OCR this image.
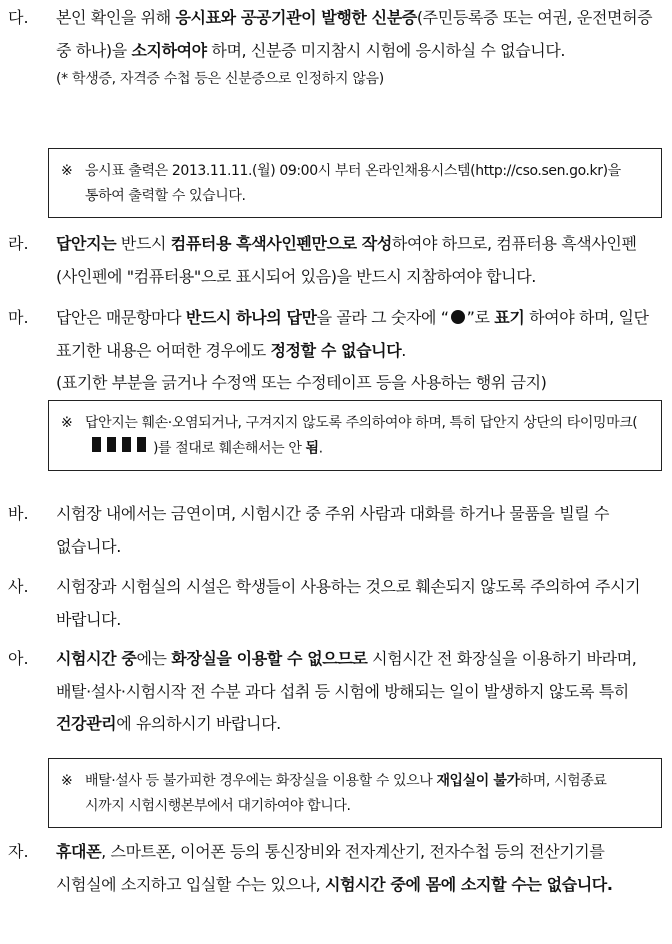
다.	본인 확인을 위해 응시표와 공공기관이 발행한 신분증(주민등록증 또는 여권, 운전면허증 중 하나)을 소지하여야 하며, 신분증 미지참시 시험에 응시하실 수 없습니다.
(* 학생증, 자격증 수첩 등은 신분증으로 인정하지 않음)
※ 응시표 출력은 2013.11.11.(월) 09:00시 부터 온라인채용시스템(http://cso.sen.go.kr)을 통하여 출력할 수 있습니다.
라.	답안지는 반드시 컴퓨터용 흑색사인펜만으로 작성하여야 하므로, 컴퓨터용 흑색사인펜(사인펜에 "컴퓨터용"으로 표시되어 있음)을 반드시 지참하여야 합니다.
마.	답안은 매문항마다 반드시 하나의 답만을 골라 그 숫자에 “ ”로 표기 하여야 하며, 일단 표기한 내용은 어떠한 경우에도 정정할 수 없습니다.
(표기한 부분을 긁거나 수정액 또는 수정테이프 등을 사용하는 행위 금지)
※ 답안지는 훼손·오염되거나, 구겨지지 않도록 주의하여야 하며, 특히 답안지 상단의 타이밍마크()를 절대로 훼손해서는 안 됨.
바.	시험장 내에서는 금연이며, 시험시간 중 주위 사람과 대화를 하거나 물품을 빌릴 수 없습니다.
사.	시험장과 시험실의 시설은 학생들이 사용하는 것으로 훼손되지 않도록 주의하여 주시기 바랍니다.
아.	시험시간 중에는 화장실을 이용할 수 없으므로 시험시간 전 화장실을 이용하기 바라며, 배탈·설사·시험시작 전 수분 과다 섭취 등 시험에 방해되는 일이 발생하지 않도록 특히 건강관리에 유의하시기 바랍니다.
※ 배탈·설사 등 불가피한 경우에는 화장실을 이용할 수 있으나 재입실이 불가하며, 시험종료 시까지 시험시행본부에서 대기하여야 합니다.
자.	휴대폰, 스마트폰, 이어폰 등의 통신장비와 전자계산기, 전자수첩 등의 전산기기를 시험실에 소지하고 입실할 수는 있으나, 시험시간 중에 몸에 소지할 수는 없습니다.
